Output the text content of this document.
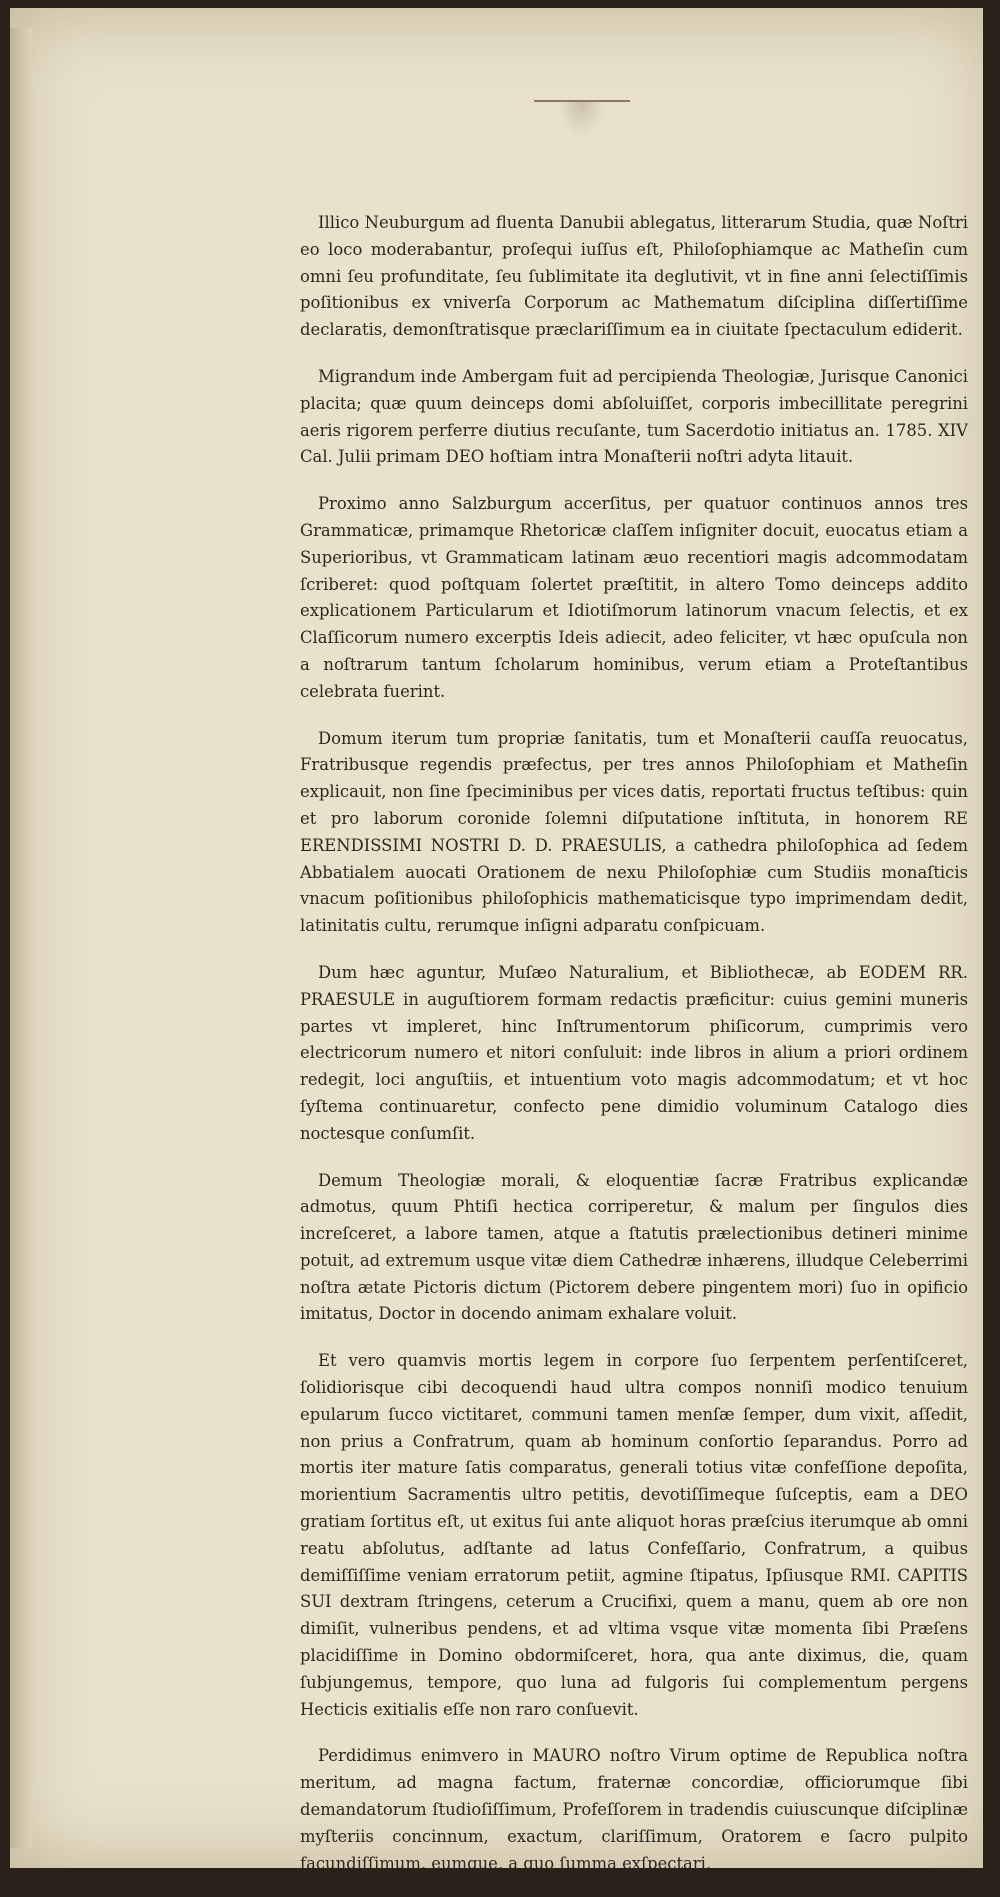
Illico Neuburgum ad fluenta Danubii ablegatus, litterarum Studia, quæ Noſtri eo loco moderabantur, proſequi iuſſus eſt, Philoſophiamque ac Matheſin cum omni ſeu profunditate, ſeu ſublimitate ita deglutivit, vt in fine anni ſelectiſſimis poſitionibus ex vniverſa Corporum ac Mathematum diſciplina diſſertiſſime declaratis, demonſtratisque præclariſſimum ea in ciuitate ſpectaculum ediderit.

Migrandum inde Ambergam fuit ad percipienda Theologiæ, Jurisque Canonici placita; quæ quum deinceps domi abſoluiſſet, corporis imbecillitate peregrini aeris rigorem perferre diutius recuſante, tum Sacerdotio initiatus an. 1785. XIV Cal. Julii primam DEO hoſtiam intra Monaſterii noſtri adyta litauit.

Proximo anno Salzburgum accerſitus, per quatuor continuos annos tres Grammaticæ, primamque Rhetoricæ claſſem inſigniter docuit, euocatus etiam a Superioribus, vt Grammaticam latinam æuo recentiori magis adcommodatam ſcriberet: quod poſtquam ſolertet præſtitit, in altero Tomo deinceps addito explicationem Particularum et Idiotiſmorum latinorum vnacum ſelectis, et ex Claſſicorum numero excerptis Ideis adiecit, adeo feliciter, vt hæc opuſcula non a noſtrarum tantum ſcholarum hominibus, verum etiam a Proteſtantibus celebrata fuerint.

Domum iterum tum propriæ ſanitatis, tum et Monaſterii cauſſa reuocatus, Fratribusque regendis præfectus, per tres annos Philoſophiam et Matheſin explicauit, non ſine ſpeciminibus per vices datis, reportati fructus teſtibus: quin et pro laborum coronide ſolemni diſputatione inſtituta, in honorem RE ERENDISSIMI NOSTRI D. D. PRAESULIS, a cathedra philoſophica ad ſedem Abbatialem auocati Orationem de nexu Philoſophiæ cum Studiis monaſticis vnacum poſitionibus philoſophicis mathematicisque typo imprimendam dedit, latinitatis cultu, rerumque inſigni adparatu conſpicuam.

Dum hæc aguntur, Muſæo Naturalium, et Bibliothecæ, ab EODEM RR. PRAESULE in auguſtiorem formam redactis præficitur: cuius gemini muneris partes vt impleret, hinc Inſtrumentorum phiſicorum, cumprimis vero electricorum numero et nitori conſuluit: inde libros in alium a priori ordinem redegit, loci anguſtiis, et intuentium voto magis adcommodatum; et vt hoc ſyſtema continuaretur, confecto pene dimidio voluminum Catalogo dies noctesque conſumſit.

Demum Theologiæ morali, & eloquentiæ ſacræ Fratribus explicandæ admotus, quum Phtiſi hectica corriperetur, & malum per ſingulos dies increſceret, a labore tamen, atque a ſtatutis prælectionibus detineri minime potuit, ad extremum usque vitæ diem Cathedræ inhærens, illudque Celeberrimi noſtra ætate Pictoris dictum (Pictorem debere pingentem mori) ſuo in opificio imitatus, Doctor in docendo animam exhalare voluit.

Et vero quamvis mortis legem in corpore ſuo ſerpentem perſentiſceret, ſolidiorisque cibi decoquendi haud ultra compos nonniſi modico tenuium epularum ſucco victitaret, communi tamen menſæ ſemper, dum vixit, aſſedit, non prius a Confratrum, quam ab hominum conſortio ſeparandus. Porro ad mortis iter mature ſatis comparatus, generali totius vitæ confeſſione depoſita, morientium Sacramentis ultro petitis, devotiſſimeque ſuſceptis, eam a DEO gratiam ſortitus eſt, ut exitus ſui ante aliquot horas præſcius iterumque ab omni reatu abſolutus, adſtante ad latus Confeſſario, Confratrum, a quibus demiſſiſſime veniam erratorum petiit, agmine ſtipatus, Ipſiusque RMI. CAPITIS SUI dextram ſtringens, ceterum a Crucifixi, quem a manu, quem ab ore non dimiſit, vulneribus pendens, et ad vltima vsque vitæ momenta ſibi Præſens placidiſſime in Domino obdormiſceret, hora, qua ante diximus, die, quam ſubjungemus, tempore, quo luna ad fulgoris ſui complementum pergens Hecticis exitialis eſſe non raro conſuevit.

Perdidimus enimvero in MAURO noſtro Virum optime de Republica noſtra meritum, ad magna factum, fraternæ concordiæ, officiorumque ſibi demandatorum ſtudioſiſſimum, Profeſſorem in tradendis cuiuscunque diſciplinæ myſteriis concinnum, exactum, clariſſimum, Oratorem e ſacro pulpito facundiſſimum, eumque, a quo ſumma exſpectari,
